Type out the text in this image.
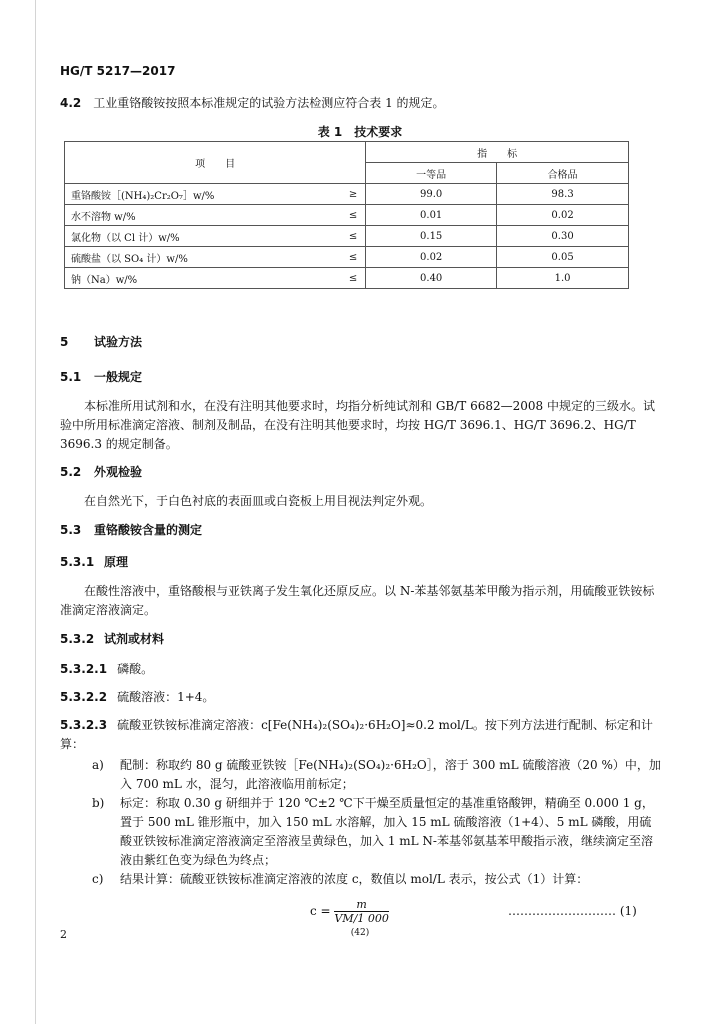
HG/T 5217—2017
4.2 工业重铬酸铵按照本标准规定的试验方法检测应符合表 1 的规定。
表 1　技术要求
项　　目		指　　标	
		一等品	合格品
重铬酸铵［(NH₄)₂Cr₂O₇］w/%	≥	99.0	98.3
水不溶物 w/%	≤	0.01	0.02
氯化物（以 Cl 计）w/%	≤	0.15	0.30
硫酸盐（以 SO₄ 计）w/%	≤	0.02	0.05
钠（Na）w/%	≤	0.40	1.0
5 试验方法
5.1 一般规定
本标准所用试剂和水，在没有注明其他要求时，均指分析纯试剂和 GB/T 6682—2008 中规定的三级水。试验中所用标准滴定溶液、制剂及制品，在没有注明其他要求时，均按 HG/T 3696.1、HG/T 3696.2、HG/T 3696.3 的规定制备。
5.2 外观检验
在自然光下，于白色衬底的表面皿或白瓷板上用目视法判定外观。
5.3 重铬酸铵含量的测定
5.3.1 原理
在酸性溶液中，重铬酸根与亚铁离子发生氧化还原反应。以 N-苯基邻氨基苯甲酸为指示剂，用硫酸亚铁铵标准滴定溶液滴定。
5.3.2 试剂或材料
5.3.2.1 磷酸。
5.3.2.2 硫酸溶液：1+4。
5.3.2.3 硫酸亚铁铵标准滴定溶液：c[Fe(NH₄)₂(SO₄)₂·6H₂O]≈0.2 mol/L。按下列方法进行配制、标定和计算：
a) 配制：称取约 80 g 硫酸亚铁铵［Fe(NH₄)₂(SO₄)₂·6H₂O］，溶于 300 mL 硫酸溶液（20 %）中，加入 700 mL 水，混匀，此溶液临用前标定；
b) 标定：称取 0.30 g 研细并于 120 ℃±2 ℃下干燥至质量恒定的基准重铬酸钾，精确至 0.000 1 g，置于 500 mL 锥形瓶中，加入 150 mL 水溶解，加入 15 mL 硫酸溶液（1+4）、5 mL 磷酸，用硫酸亚铁铵标准滴定溶液滴定至溶液呈黄绿色，加入 1 mL N-苯基邻氨基苯甲酸指示液，继续滴定至溶液由紫红色变为绿色为终点；
c) 结果计算：硫酸亚铁铵标准滴定溶液的浓度 c，数值以 mol/L 表示，按公式（1）计算：
$c = \frac{m}{VM/1 000}$	……………………… (1)
2	(42)
